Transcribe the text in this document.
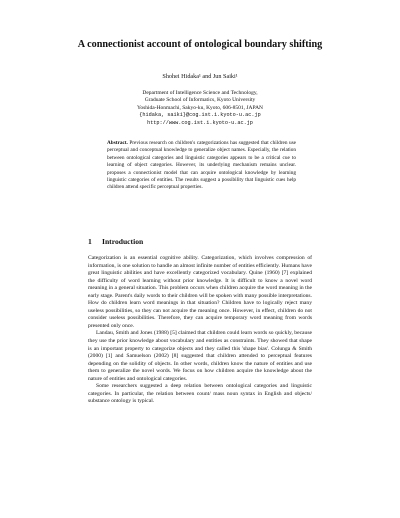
A connectionist account of ontological boundary shifting
Shohei Hidaka¹ and Jun Saiki¹
Department of Intelligence Science and Technology,
Graduate School of Informatics, Kyoto University
Yoshida-Honmachi, Sakyo-ku, Kyoto, 606-8501, JAPAN
{hidaka, saiki}@cog.ist.i.kyoto-u.ac.jp
http://www.cog.ist.i.kyoto-u.ac.jp
Abstract. Previous research on children's categorizations has suggested that children use perceptual and conceptual knowledge to generalize object names. Especially, the relation between ontological categories and linguistic categories appears to be a critical cue to learning of object categories. However, its underlying mechanism remains unclear. proposes a connectionist model that can acquire ontological knowledge by learning linguistic categories of entities. The results suggest a possibility that linguistic cues help children attend specific perceptual properties.
1 Introduction

Categorization is an essential cognitive ability. Categorization, which involves compression of information, is one solution to handle an almost infinite number of entities efficiently. Humans have great linguistic abilities and have excellently categorized vocabulary. Quine (1960) [7] explained the difficulty of word learning without prior knowledge. It is difficult to know a novel word meaning in a general situation. This problem occurs when children acquire the word meaning in the early stage. Parent's daily words to their children will be spoken with many possible interpretations. How do children learn word meanings in that situation? Children have to logically reject many useless possibilities, so they can not acquire the meaning once. However, in effect, children do not consider useless possibilities. Therefore, they can acquire temporary word meaning from words presented only once.

Landau, Smith and Jones (1988) [5] claimed that children could learn words so quickly, because they use the prior knowledge about vocabulary and entities as constraints. They showed that shape is an important property to categorize objects and they called this 'shape bias'. Colunga & Smith (2000) [1] and Samuelson (2002) [8] suggested that children attended to perceptual features depending on the solidity of objects. In other words, children know the nature of entities and use them to generalize the novel words. We focus on how children acquire the knowledge about the nature of entities and ontological categories.

Some researchers suggested a deep relation between ontological categories and linguistic categories. In particular, the relation between count/ mass noun syntax in English and objects/ substance ontology is typical.
